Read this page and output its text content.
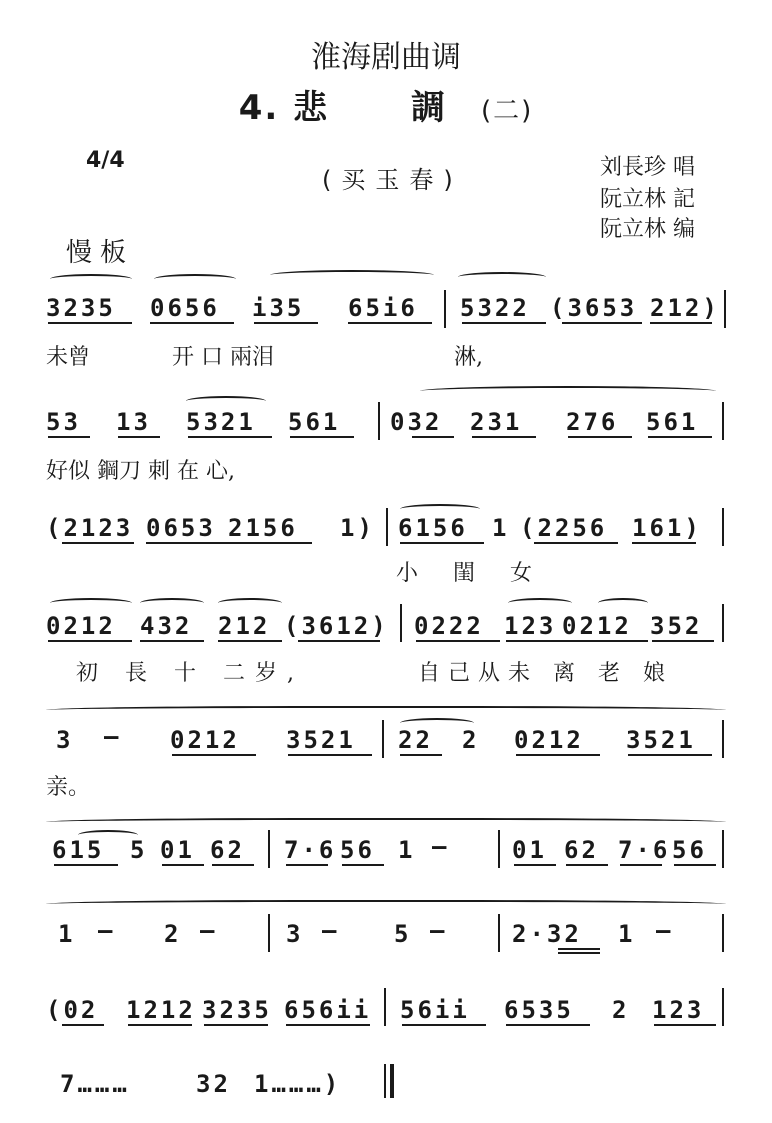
淮海剧曲调
4. 悲 調(二)
4/4
(买玉春)	刘長珍 唱
阮立林 記
阮立林 编
慢板
3235 0656 i35 65i6 5322 (3653 212)
未曾	开 口 兩泪	淋,
53 13 5321 561 032 231 276 561
好似 鋼刀 刺 在 心,
(2123 0653 2156 1) 6156 1 (2256 161)
小 閨 女
0212 432 212 (3612) 0222 123 0212 352
初 長 十 二岁,	自己从未 离 老 娘
3 — 0212 3521 22 2 0212 3521
亲。
615 5 01 62 7·6 56 1 —	01 62 7·6 56
1 — 2 —	3 — 5 —	2·32 1 —
(02 1212 3235 656ii 56ii 6535 2 123
7………	32 1………)
